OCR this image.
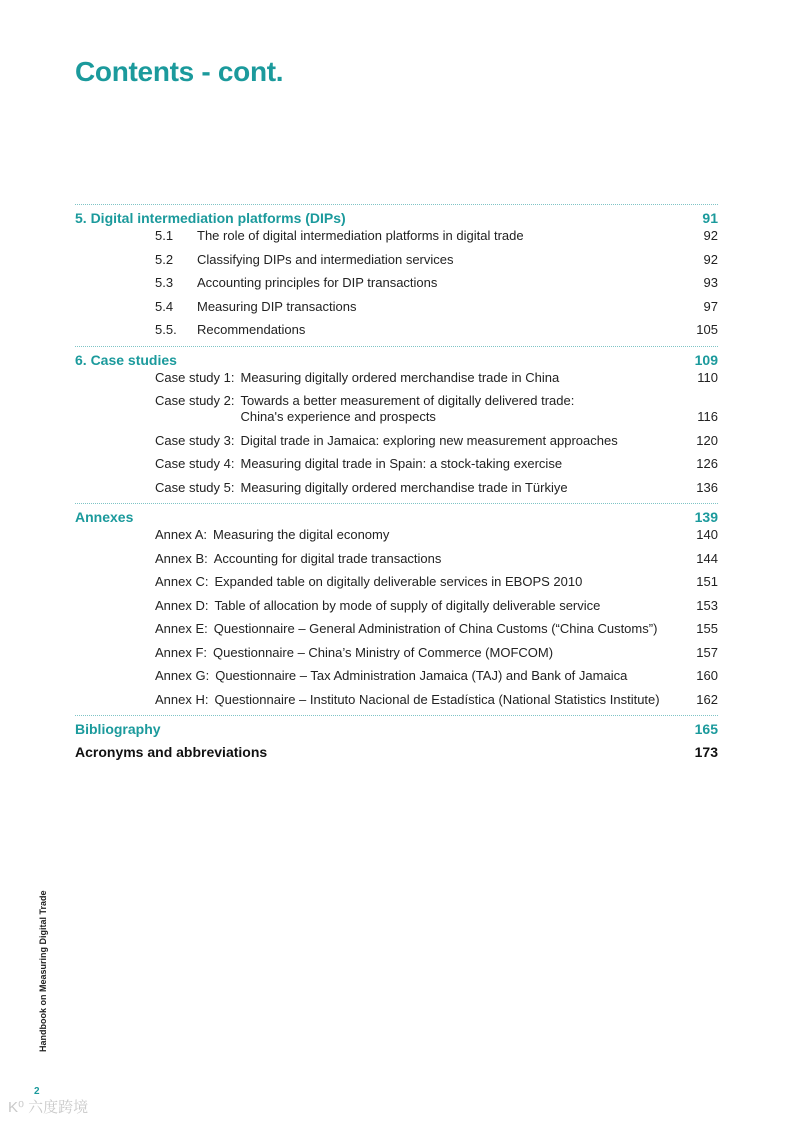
Contents - cont.
5. Digital intermediation platforms (DIPs)	91
5.1	The role of digital intermediation platforms in digital trade	92
5.2	Classifying DIPs and intermediation services	92
5.3	Accounting principles for DIP transactions	93
5.4	Measuring DIP transactions	97
5.5.	Recommendations	105
6. Case studies	109
Case study 1: Measuring digitally ordered merchandise trade in China	110
Case study 2: Towards a better measurement of digitally delivered trade:
China's experience and prospects	116
Case study 3: Digital trade in Jamaica: exploring new measurement approaches	120
Case study 4: Measuring digital trade in Spain: a stock-taking exercise	126
Case study 5: Measuring digitally ordered merchandise trade in Türkiye	136
Annexes	139
Annex A: Measuring the digital economy	140
Annex B: Accounting for digital trade transactions	144
Annex C: Expanded table on digitally deliverable services in EBOPS 2010	151
Annex D: Table of allocation by mode of supply of digitally deliverable service	153
Annex E: Questionnaire – General Administration of China Customs (“China Customs”)	155
Annex F: Questionnaire – China’s Ministry of Commerce (MOFCOM)	157
Annex G: Questionnaire – Tax Administration Jamaica (TAJ) and Bank of Jamaica	160
Annex H: Questionnaire – Instituto Nacional de Estadística (National Statistics Institute)	162
Bibliography	165
Acronyms and abbreviations	173
Handbook on Measuring Digital Trade
2
K⁰ 六度跨境
